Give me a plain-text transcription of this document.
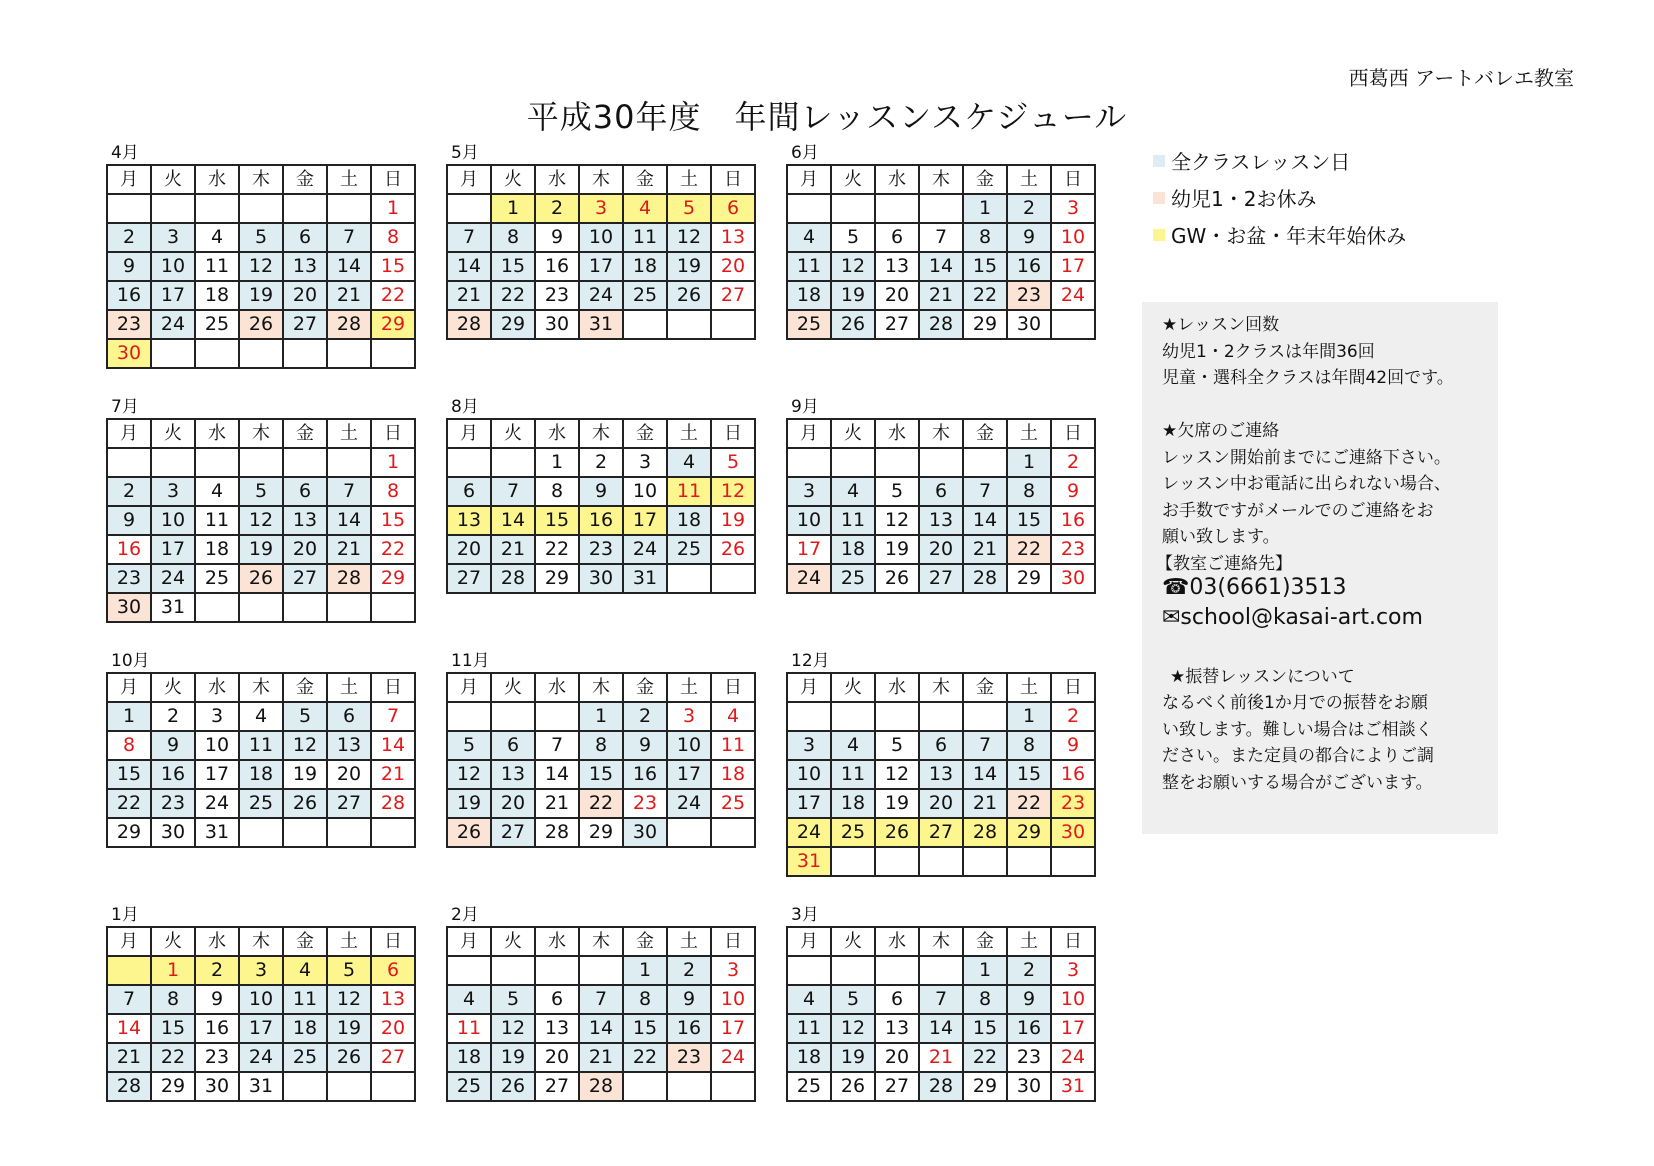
西葛西 アートバレエ教室
平成30年度　年間レッスンスケジュール
4月
月	火	水	木	金	土	日
						1
2	3	4	5	6	7	8
9	10	11	12	13	14	15
16	17	18	19	20	21	22
23	24	25	26	27	28	29
30						
5月
月	火	水	木	金	土	日
	1	2	3	4	5	6
7	8	9	10	11	12	13
14	15	16	17	18	19	20
21	22	23	24	25	26	27
28	29	30	31			
6月
月	火	水	木	金	土	日
				1	2	3
4	5	6	7	8	9	10
11	12	13	14	15	16	17
18	19	20	21	22	23	24
25	26	27	28	29	30	
7月
月	火	水	木	金	土	日
						1
2	3	4	5	6	7	8
9	10	11	12	13	14	15
16	17	18	19	20	21	22
23	24	25	26	27	28	29
30	31					
8月
月	火	水	木	金	土	日
		1	2	3	4	5
6	7	8	9	10	11	12
13	14	15	16	17	18	19
20	21	22	23	24	25	26
27	28	29	30	31		
9月
月	火	水	木	金	土	日
					1	2
3	4	5	6	7	8	9
10	11	12	13	14	15	16
17	18	19	20	21	22	23
24	25	26	27	28	29	30
10月
月	火	水	木	金	土	日
1	2	3	4	5	6	7
8	9	10	11	12	13	14
15	16	17	18	19	20	21
22	23	24	25	26	27	28
29	30	31				
11月
月	火	水	木	金	土	日
			1	2	3	4
5	6	7	8	9	10	11
12	13	14	15	16	17	18
19	20	21	22	23	24	25
26	27	28	29	30		
12月
月	火	水	木	金	土	日
					1	2
3	4	5	6	7	8	9
10	11	12	13	14	15	16
17	18	19	20	21	22	23
24	25	26	27	28	29	30
31						
1月
月	火	水	木	金	土	日
	1	2	3	4	5	6
7	8	9	10	11	12	13
14	15	16	17	18	19	20
21	22	23	24	25	26	27
28	29	30	31			
2月
月	火	水	木	金	土	日
				1	2	3
4	5	6	7	8	9	10
11	12	13	14	15	16	17
18	19	20	21	22	23	24
25	26	27	28			
3月
月	火	水	木	金	土	日
				1	2	3
4	5	6	7	8	9	10
11	12	13	14	15	16	17
18	19	20	21	22	23	24
25	26	27	28	29	30	31
全クラスレッスン日
幼児1・2お休み
GW・お盆・年末年始休み
★レッスン回数
幼児1・2クラスは年間36回
児童・選科全クラスは年間42回です。
★欠席のご連絡
レッスン開始前までにご連絡下さい。
レッスン中お電話に出られない場合、
お手数ですがメールでのご連絡をお
願い致します。
【教室ご連絡先】
☎03(6661)3513
✉school@kasai-art.com
★振替レッスンについて
なるべく前後1か月での振替をお願
い致します。難しい場合はご相談く
ださい。また定員の都合によりご調
整をお願いする場合がございます。
